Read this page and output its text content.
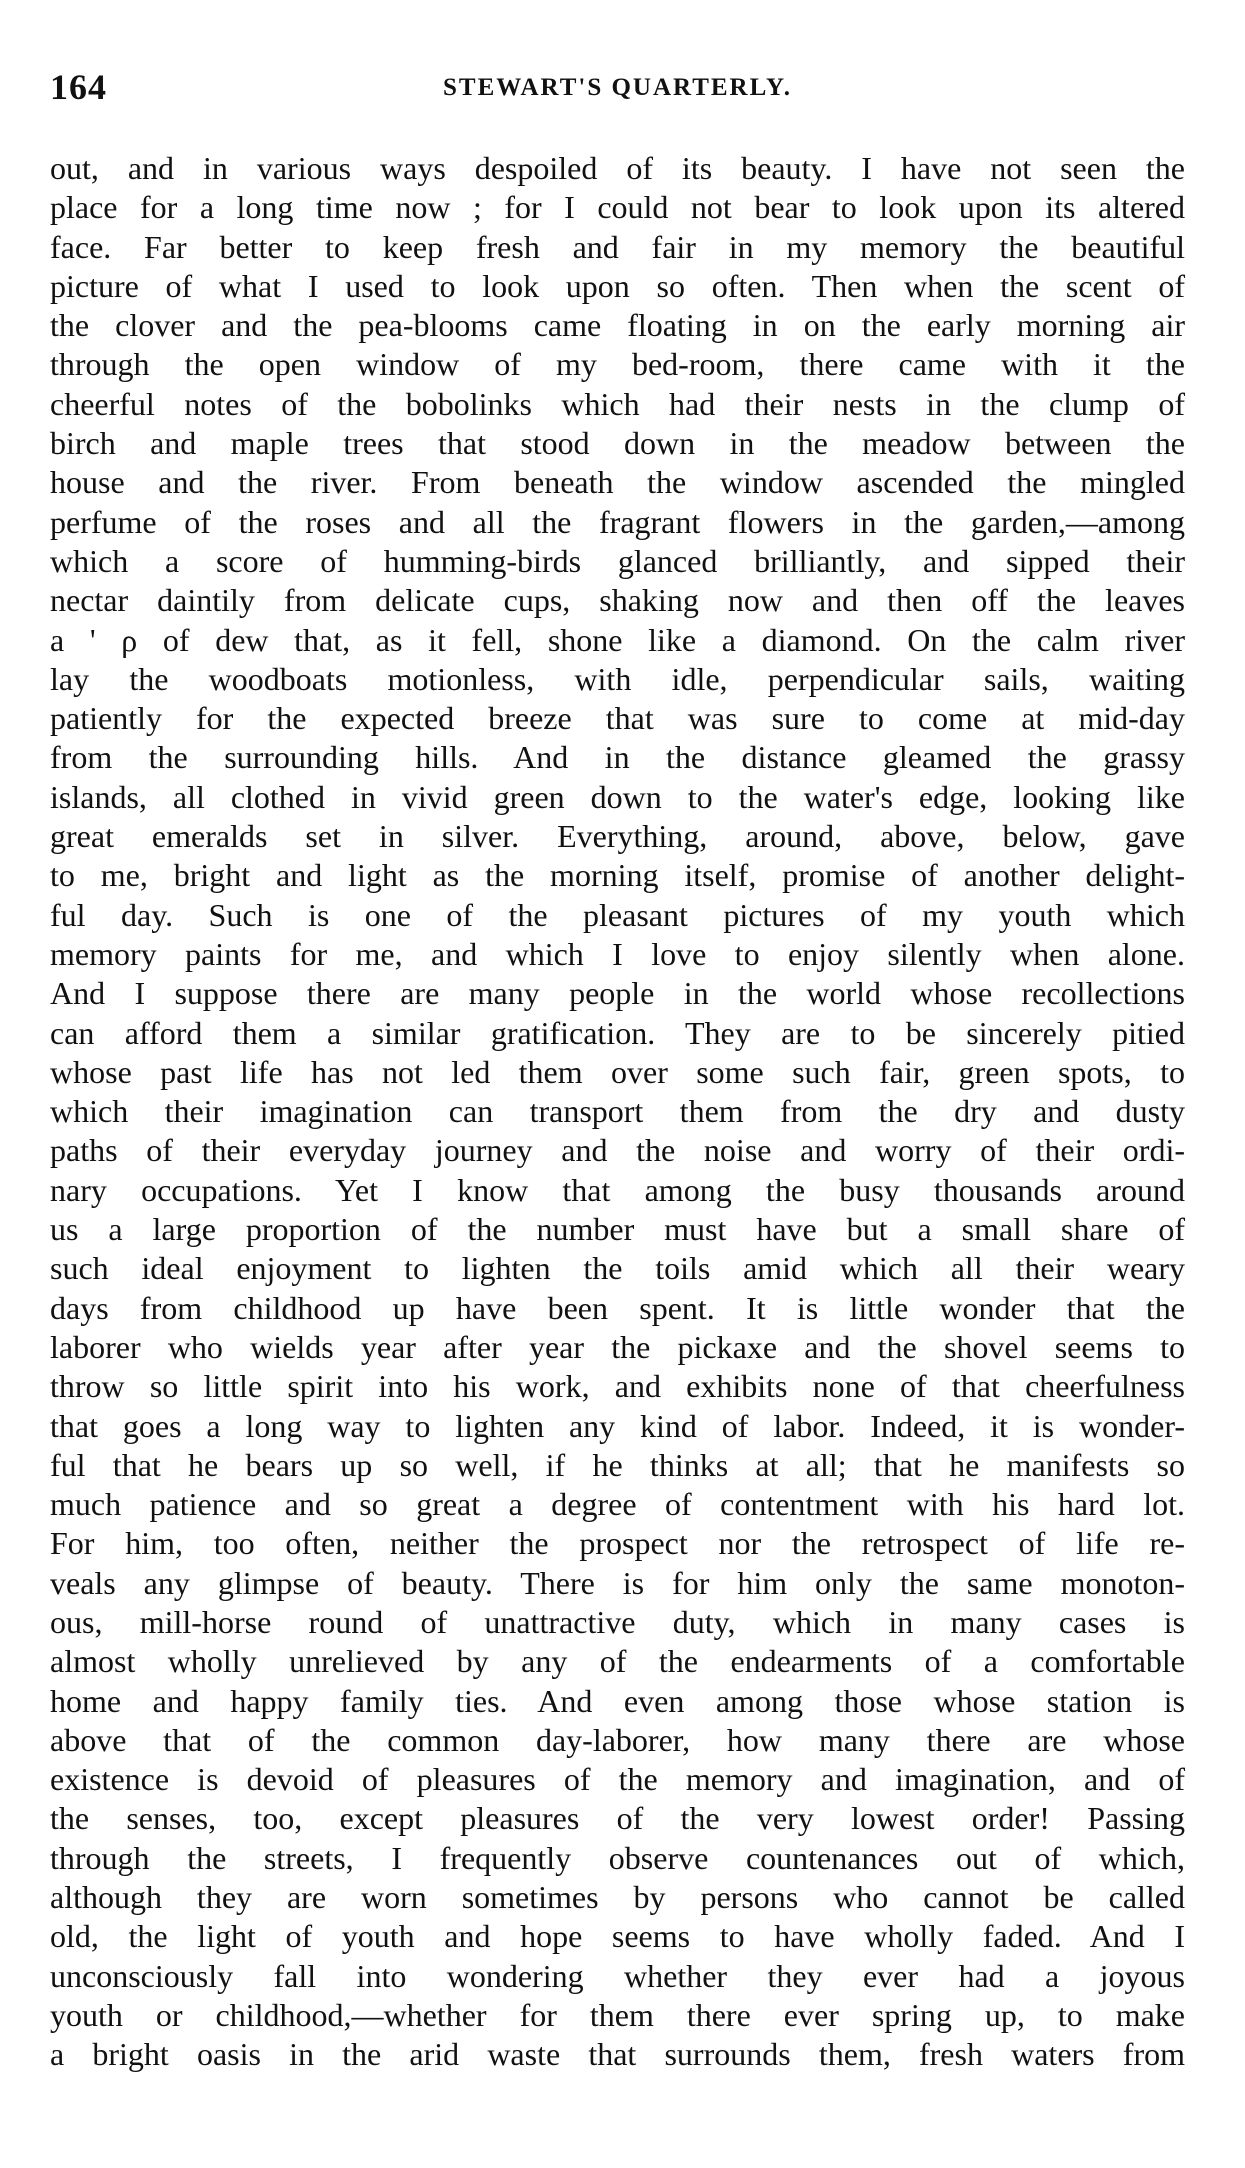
164	STEWART'S QUARTERLY.
out, and in various ways despoiled of its beauty. I have not seen the
place for a long time now ; for I could not bear to look upon its altered
face. Far better to keep fresh and fair in my memory the beautiful
picture of what I used to look upon so often. Then when the scent of
the clover and the pea-blooms came floating in on the early morning air
through the open window of my bed-room, there came with it the
cheerful notes of the bobolinks which had their nests in the clump of
birch and maple trees that stood down in the meadow between the
house and the river. From beneath the window ascended the mingled
perfume of the roses and all the fragrant flowers in the garden,—among
which a score of humming-birds glanced brilliantly, and sipped their
nectar daintily from delicate cups, shaking now and then off the leaves
a ' ρ of dew that, as it fell, shone like a diamond. On the calm river
lay the woodboats motionless, with idle, perpendicular sails, waiting
patiently for the expected breeze that was sure to come at mid-day
from the surrounding hills. And in the distance gleamed the grassy
islands, all clothed in vivid green down to the water's edge, looking like
great emeralds set in silver. Everything, around, above, below, gave
to me, bright and light as the morning itself, promise of another delight-
ful day. Such is one of the pleasant pictures of my youth which
memory paints for me, and which I love to enjoy silently when alone.
And I suppose there are many people in the world whose recollections
can afford them a similar gratification. They are to be sincerely pitied
whose past life has not led them over some such fair, green spots, to
which their imagination can transport them from the dry and dusty
paths of their everyday journey and the noise and worry of their ordi-
nary occupations. Yet I know that among the busy thousands around
us a large proportion of the number must have but a small share of
such ideal enjoyment to lighten the toils amid which all their weary
days from childhood up have been spent. It is little wonder that the
laborer who wields year after year the pickaxe and the shovel seems to
throw so little spirit into his work, and exhibits none of that cheerfulness
that goes a long way to lighten any kind of labor. Indeed, it is wonder-
ful that he bears up so well, if he thinks at all; that he manifests so
much patience and so great a degree of contentment with his hard lot.
For him, too often, neither the prospect nor the retrospect of life re-
veals any glimpse of beauty. There is for him only the same monoton-
ous, mill-horse round of unattractive duty, which in many cases is
almost wholly unrelieved by any of the endearments of a comfortable
home and happy family ties. And even among those whose station is
above that of the common day-laborer, how many there are whose
existence is devoid of pleasures of the memory and imagination, and of
the senses, too, except pleasures of the very lowest order! Passing
through the streets, I frequently observe countenances out of which,
although they are worn sometimes by persons who cannot be called
old, the light of youth and hope seems to have wholly faded. And I
unconsciously fall into wondering whether they ever had a joyous
youth or childhood,—whether for them there ever spring up, to make
a bright oasis in the arid waste that surrounds them, fresh waters from
